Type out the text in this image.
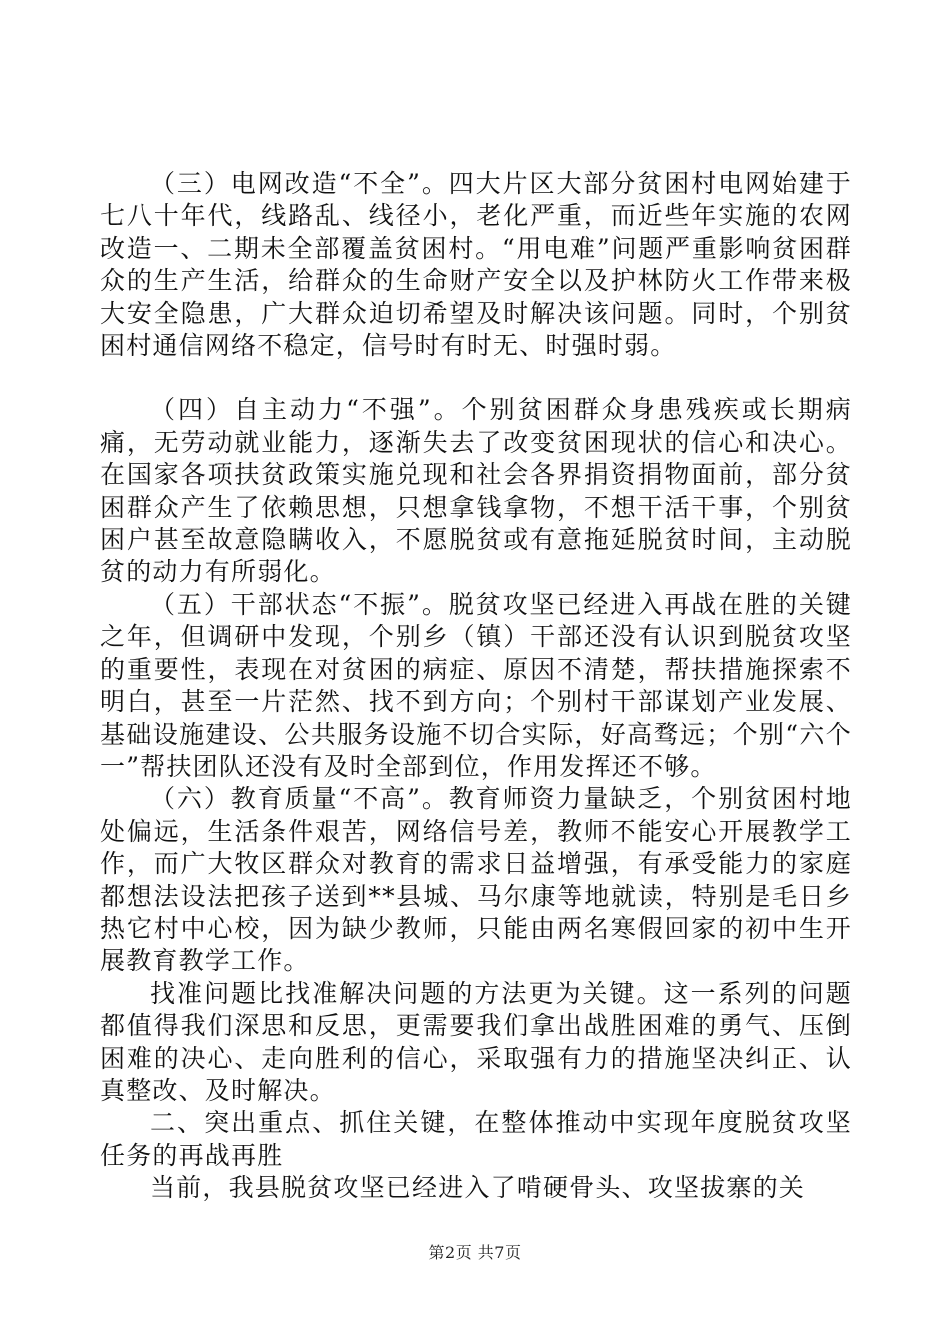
（三）电网改造“不全”。四大片区大部分贫困村电网始建于七八十年代，线路乱、线径小，老化严重，而近些年实施的农网改造一、二期未全部覆盖贫困村。“用电难”问题严重影响贫困群众的生产生活，给群众的生命财产安全以及护林防火工作带来极大安全隐患，广大群众迫切希望及时解决该问题。同时，个别贫困村通信网络不稳定，信号时有时无、时强时弱。

（四）自主动力“不强”。个别贫困群众身患残疾或长期病痛，无劳动就业能力，逐渐失去了改变贫困现状的信心和决心。在国家各项扶贫政策实施兑现和社会各界捐资捐物面前，部分贫困群众产生了依赖思想，只想拿钱拿物，不想干活干事，个别贫困户甚至故意隐瞒收入，不愿脱贫或有意拖延脱贫时间，主动脱贫的动力有所弱化。

（五）干部状态“不振”。脱贫攻坚已经进入再战在胜的关键之年，但调研中发现，个别乡（镇）干部还没有认识到脱贫攻坚的重要性，表现在对贫困的病症、原因不清楚，帮扶措施探索不明白，甚至一片茫然、找不到方向；个别村干部谋划产业发展、基础设施建设、公共服务设施不切合实际，好高骛远；个别“六个一”帮扶团队还没有及时全部到位，作用发挥还不够。

（六）教育质量“不高”。教育师资力量缺乏，个别贫困村地处偏远，生活条件艰苦，网络信号差，教师不能安心开展教学工作，而广大牧区群众对教育的需求日益增强，有承受能力的家庭都想法设法把孩子送到**县城、马尔康等地就读，特别是毛日乡热它村中心校，因为缺少教师，只能由两名寒假回家的初中生开展教育教学工作。

找准问题比找准解决问题的方法更为关键。这一系列的问题都值得我们深思和反思，更需要我们拿出战胜困难的勇气、压倒困难的决心、走向胜利的信心，采取强有力的措施坚决纠正、认真整改、及时解决。

二、突出重点、抓住关键，在整体推动中实现年度脱贫攻坚任务的再战再胜

当前，我县脱贫攻坚已经进入了啃硬骨头、攻坚拔寨的关

第2页 共7页
